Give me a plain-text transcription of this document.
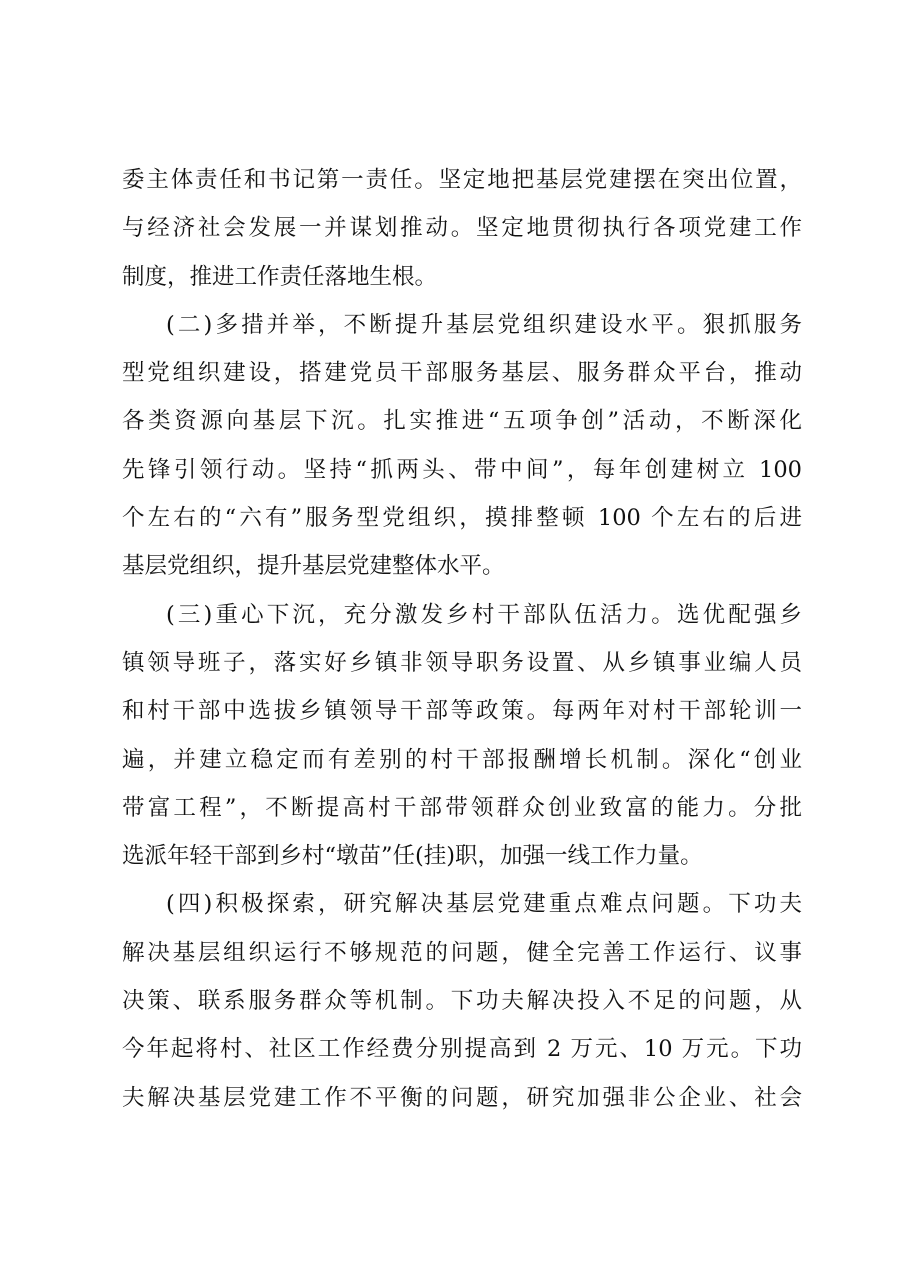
委主体责任和书记第一责任。坚定地把基层党建摆在突出位置，
与经济社会发展一并谋划推动。坚定地贯彻执行各项党建工作
制度，推进工作责任落地生根。
(二)多措并举，不断提升基层党组织建设水平。狠抓服务
型党组织建设，搭建党员干部服务基层、服务群众平台，推动
各类资源向基层下沉。扎实推进“五项争创”活动，不断深化
先锋引领行动。坚持“抓两头、带中间”，每年创建树立 100
个左右的“六有”服务型党组织，摸排整顿 100 个左右的后进
基层党组织，提升基层党建整体水平。
(三)重心下沉，充分激发乡村干部队伍活力。选优配强乡
镇领导班子，落实好乡镇非领导职务设置、从乡镇事业编人员
和村干部中选拔乡镇领导干部等政策。每两年对村干部轮训一
遍，并建立稳定而有差别的村干部报酬增长机制。深化“创业
带富工程”，不断提高村干部带领群众创业致富的能力。分批
选派年轻干部到乡村“墩苗”任(挂)职，加强一线工作力量。
(四)积极探索，研究解决基层党建重点难点问题。下功夫
解决基层组织运行不够规范的问题，健全完善工作运行、议事
决策、联系服务群众等机制。下功夫解决投入不足的问题，从
今年起将村、社区工作经费分别提高到 2 万元、10 万元。下功
夫解决基层党建工作不平衡的问题，研究加强非公企业、社会
